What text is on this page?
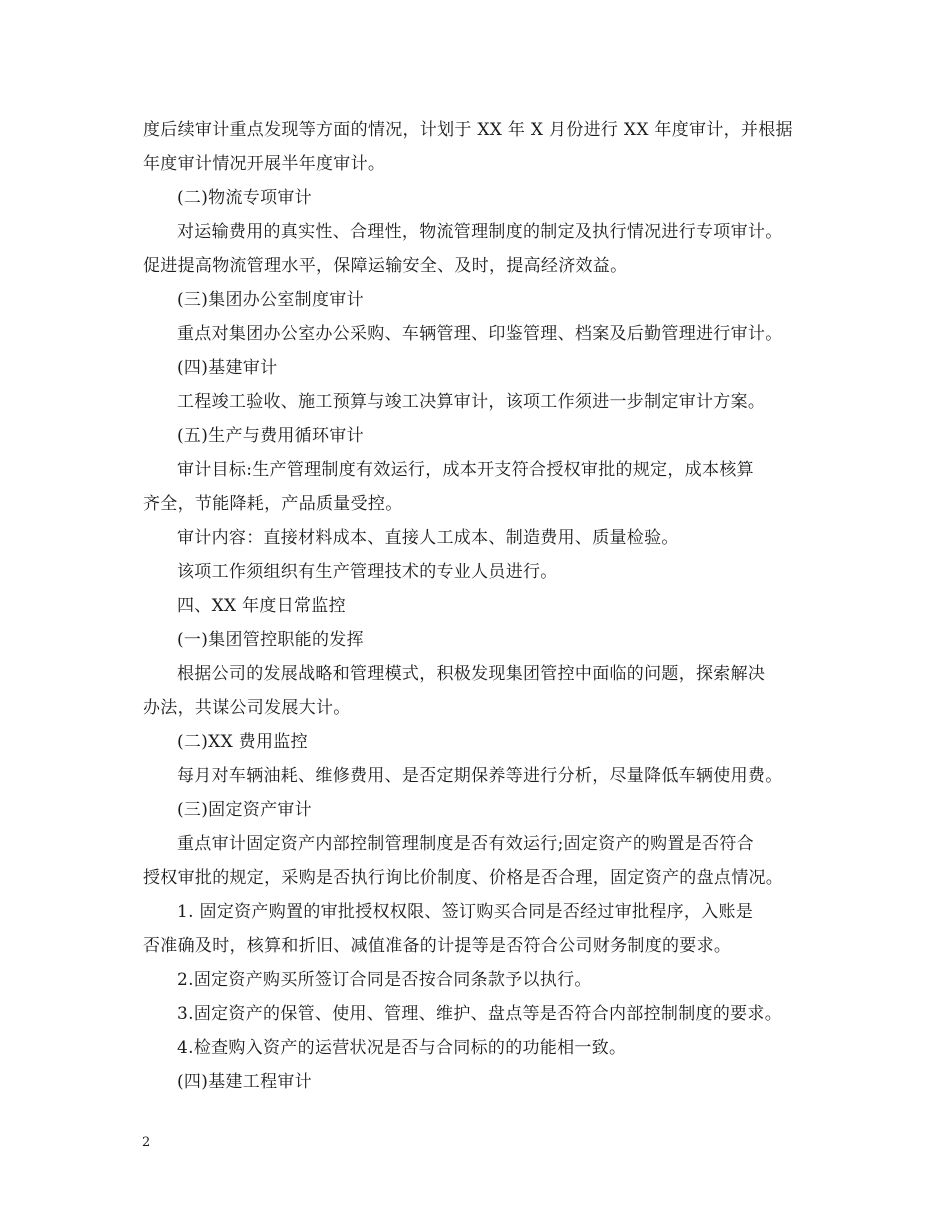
度后续审计重点发现等方面的情况，计划于 XX 年 X 月份进行 XX 年度审计，并根据
年度审计情况开展半年度审计。
(二)物流专项审计
对运输费用的真实性、合理性，物流管理制度的制定及执行情况进行专项审计。
促进提高物流管理水平，保障运输安全、及时，提高经济效益。
(三)集团办公室制度审计
重点对集团办公室办公采购、车辆管理、印鉴管理、档案及后勤管理进行审计。
(四)基建审计
工程竣工验收、施工预算与竣工决算审计，该项工作须进一步制定审计方案。
(五)生产与费用循环审计
审计目标:生产管理制度有效运行，成本开支符合授权审批的规定，成本核算
齐全，节能降耗，产品质量受控。
审计内容：直接材料成本、直接人工成本、制造费用、质量检验。
该项工作须组织有生产管理技术的专业人员进行。
四、XX 年度日常监控
(一)集团管控职能的发挥
根据公司的发展战略和管理模式，积极发现集团管控中面临的问题，探索解决
办法，共谋公司发展大计。
(二)XX 费用监控
每月对车辆油耗、维修费用、是否定期保养等进行分析，尽量降低车辆使用费。
(三)固定资产审计
重点审计固定资产内部控制管理制度是否有效运行;固定资产的购置是否符合
授权审批的规定，采购是否执行询比价制度、价格是否合理，固定资产的盘点情况。
1. 固定资产购置的审批授权权限、签订购买合同是否经过审批程序，入账是
否准确及时，核算和折旧、减值准备的计提等是否符合公司财务制度的要求。
2.固定资产购买所签订合同是否按合同条款予以执行。
3.固定资产的保管、使用、管理、维护、盘点等是否符合内部控制制度的要求。
4.检查购入资产的运营状况是否与合同标的的功能相一致。
(四)基建工程审计
2
